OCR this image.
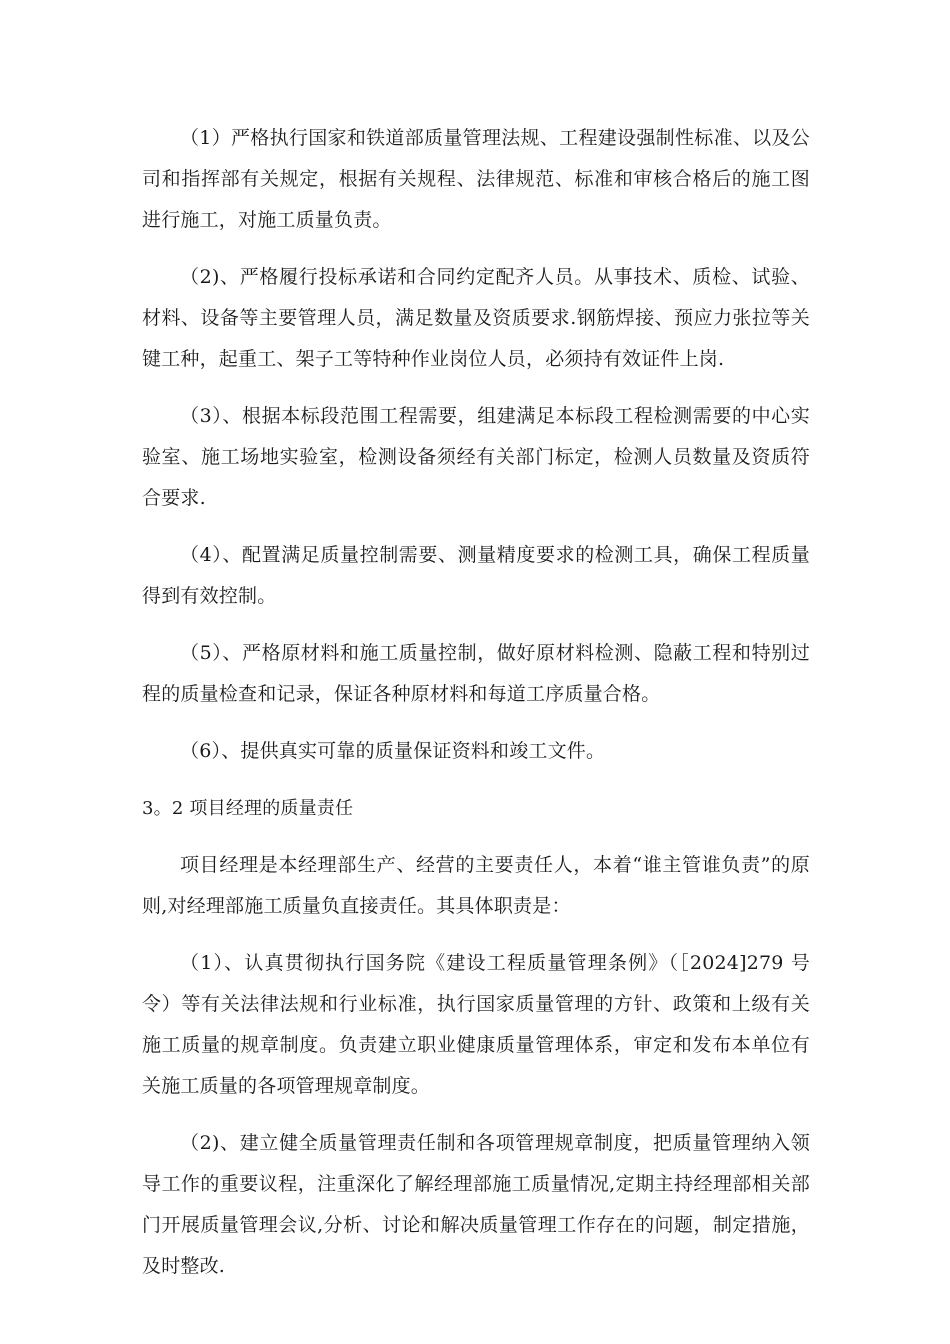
（1）严格执行国家和铁道部质量管理法规、工程建设强制性标准、以及公司和指挥部有关规定，根据有关规程、法律规范、标准和审核合格后的施工图进行施工，对施工质量负责。

（2)、严格履行投标承诺和合同约定配齐人员。从事技术、质检、试验、材料、设备等主要管理人员，满足数量及资质要求.钢筋焊接、预应力张拉等关键工种，起重工、架子工等特种作业岗位人员，必须持有效证件上岗.

（3）、根据本标段范围工程需要，组建满足本标段工程检测需要的中心实验室、施工场地实验室，检测设备须经有关部门标定，检测人员数量及资质符合要求.

（4）、配置满足质量控制需要、测量精度要求的检测工具，确保工程质量得到有效控制。

（5）、严格原材料和施工质量控制，做好原材料检测、隐蔽工程和特别过程的质量检查和记录，保证各种原材料和每道工序质量合格。

（6）、提供真实可靠的质量保证资料和竣工文件。

3。2 项目经理的质量责任

项目经理是本经理部生产、经营的主要责任人，本着“谁主管谁负责”的原则,对经理部施工质量负直接责任。其具体职责是：

（1）、认真贯彻执行国务院《建设工程质量管理条例》（［2024]279 号令）等有关法律法规和行业标准，执行国家质量管理的方针、政策和上级有关施工质量的规章制度。负责建立职业健康质量管理体系，审定和发布本单位有关施工质量的各项管理规章制度。

（2)、建立健全质量管理责任制和各项管理规章制度，把质量管理纳入领导工作的重要议程，注重深化了解经理部施工质量情况,定期主持经理部相关部门开展质量管理会议,分析、讨论和解决质量管理工作存在的问题，制定措施，及时整改.
